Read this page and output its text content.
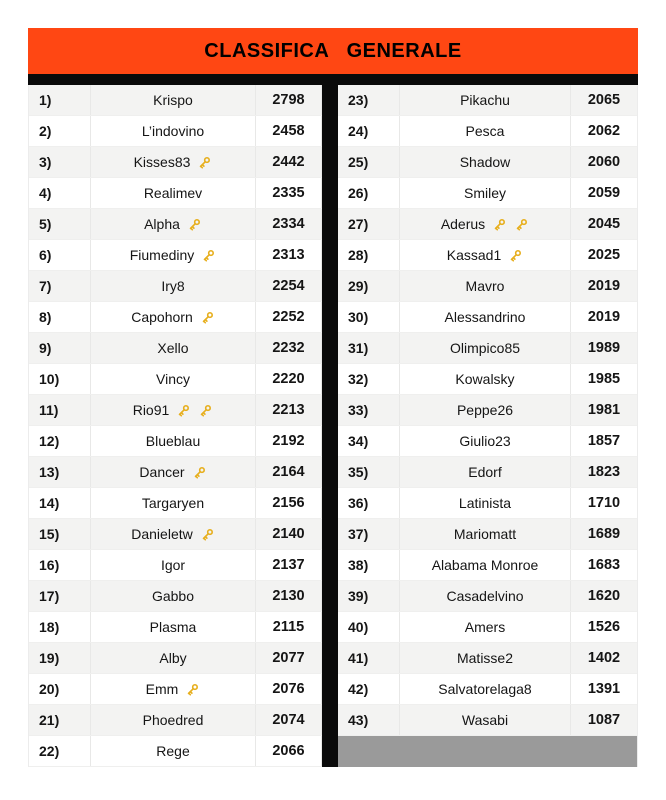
CLASSIFICA GENERALE
1)	Krispo	2798
2)	L’indovino	2458
3)	Kisses83	2442
4)	Realimev	2335
5)	Alpha	2334
6)	Fiumediny	2313
7)	Iry8	2254
8)	Capohorn	2252
9)	Xello	2232
10)	Vincy	2220
11)	Rio91	2213
12)	Blueblau	2192
13)	Dancer	2164
14)	Targaryen	2156
15)	Danieletw	2140
16)	Igor	2137
17)	Gabbo	2130
18)	Plasma	2115
19)	Alby	2077
20)	Emm	2076
21)	Phoedred	2074
22)	Rege	2066
23)	Pikachu	2065
24)	Pesca	2062
25)	Shadow	2060
26)	Smiley	2059
27)	Aderus	2045
28)	Kassad1	2025
29)	Mavro	2019
30)	Alessandrino	2019
31)	Olimpico85	1989
32)	Kowalsky	1985
33)	Peppe26	1981
34)	Giulio23	1857
35)	Edorf	1823
36)	Latinista	1710
37)	Mariomatt	1689
38)	Alabama Monroe	1683
39)	Casadelvino	1620
40)	Amers	1526
41)	Matisse2	1402
42)	Salvatorelaga8	1391
43)	Wasabi	1087
